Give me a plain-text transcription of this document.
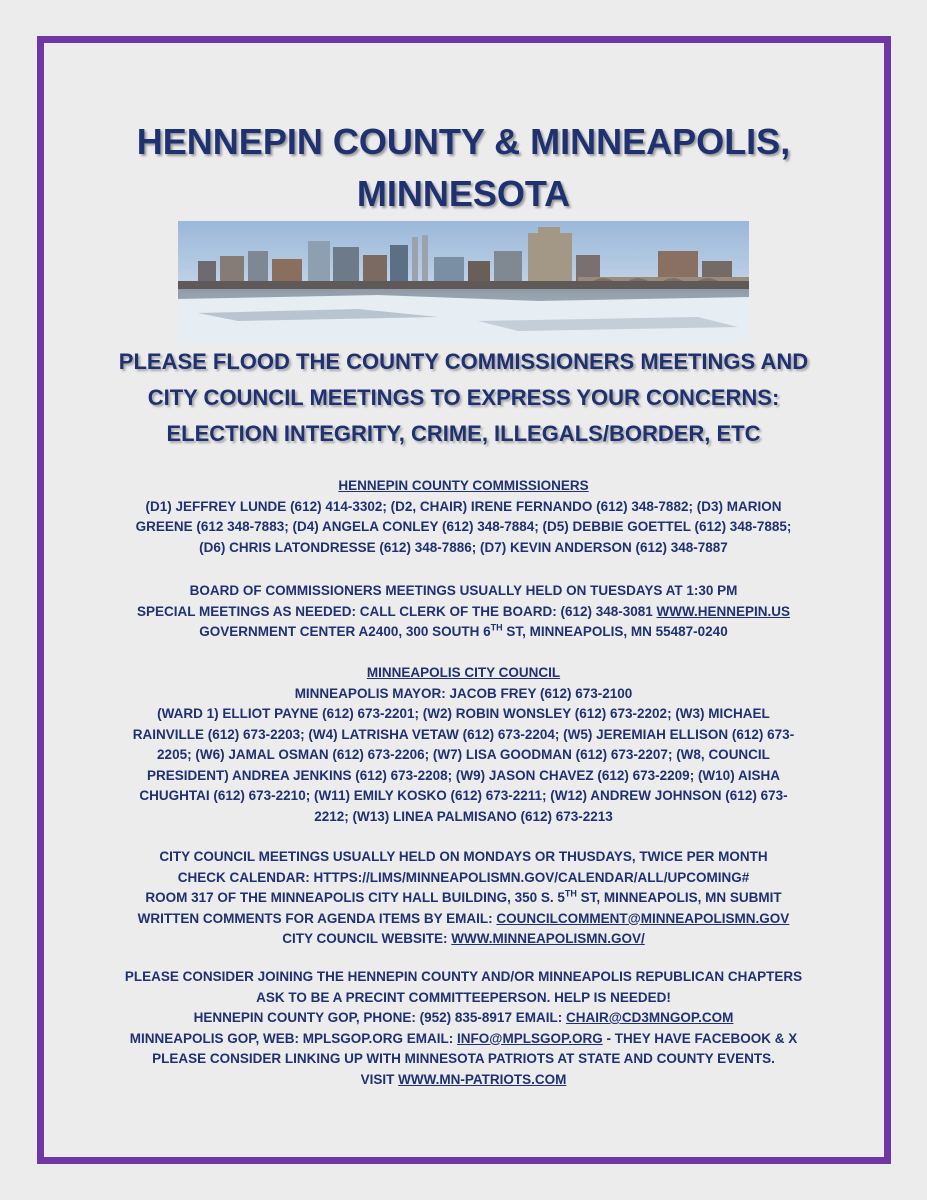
HENNEPIN COUNTY & MINNEAPOLIS,
MINNESOTA
PLEASE FLOOD THE COUNTY COMMISSIONERS MEETINGS AND
CITY COUNCIL MEETINGS TO EXPRESS YOUR CONCERNS:
ELECTION INTEGRITY, CRIME, ILLEGALS/BORDER, ETC
HENNEPIN COUNTY COMMISSIONERS
(D1) JEFFREY LUNDE (612) 414-3302; (D2, CHAIR) IRENE FERNANDO (612) 348-7882; (D3) MARION
GREENE (612 348-7883; (D4) ANGELA CONLEY (612) 348-7884; (D5) DEBBIE GOETTEL (612) 348-7885;
(D6) CHRIS LATONDRESSE (612) 348-7886; (D7) KEVIN ANDERSON (612) 348-7887
BOARD OF COMMISSIONERS MEETINGS USUALLY HELD ON TUESDAYS AT 1:30 PM
SPECIAL MEETINGS AS NEEDED: CALL CLERK OF THE BOARD: (612) 348-3081 WWW.HENNEPIN.US
GOVERNMENT CENTER A2400, 300 SOUTH 6TH ST, MINNEAPOLIS, MN 55487-0240
MINNEAPOLIS CITY COUNCIL
MINNEAPOLIS MAYOR: JACOB FREY (612) 673-2100
(WARD 1) ELLIOT PAYNE (612) 673-2201; (W2) ROBIN WONSLEY (612) 673-2202; (W3) MICHAEL
RAINVILLE (612) 673-2203; (W4) LATRISHA VETAW (612) 673-2204; (W5) JEREMIAH ELLISON (612) 673-
2205; (W6) JAMAL OSMAN (612) 673-2206; (W7) LISA GOODMAN (612) 673-2207; (W8, COUNCIL
PRESIDENT) ANDREA JENKINS (612) 673-2208; (W9) JASON CHAVEZ (612) 673-2209; (W10) AISHA
CHUGHTAI (612) 673-2210; (W11) EMILY KOSKO (612) 673-2211; (W12) ANDREW JOHNSON (612) 673-
2212; (W13) LINEA PALMISANO (612) 673-2213
CITY COUNCIL MEETINGS USUALLY HELD ON MONDAYS OR THUSDAYS, TWICE PER MONTH
CHECK CALENDAR: HTTPS://LIMS/MINNEAPOLISMN.GOV/CALENDAR/ALL/UPCOMING#
ROOM 317 OF THE MINNEAPOLIS CITY HALL BUILDING, 350 S. 5TH ST, MINNEAPOLIS, MN SUBMIT
WRITTEN COMMENTS FOR AGENDA ITEMS BY EMAIL: COUNCILCOMMENT@MINNEAPOLISMN.GOV
CITY COUNCIL WEBSITE: WWW.MINNEAPOLISMN.GOV/
PLEASE CONSIDER JOINING THE HENNEPIN COUNTY AND/OR MINNEAPOLIS REPUBLICAN CHAPTERS
ASK TO BE A PRECINT COMMITTEEPERSON. HELP IS NEEDED!
HENNEPIN COUNTY GOP, PHONE: (952) 835-8917 EMAIL: CHAIR@CD3MNGOP.COM
MINNEAPOLIS GOP, WEB: MPLSGOP.ORG EMAIL: INFO@MPLSGOP.ORG - THEY HAVE FACEBOOK & X
PLEASE CONSIDER LINKING UP WITH MINNESOTA PATRIOTS AT STATE AND COUNTY EVENTS.
VISIT WWW.MN-PATRIOTS.COM
